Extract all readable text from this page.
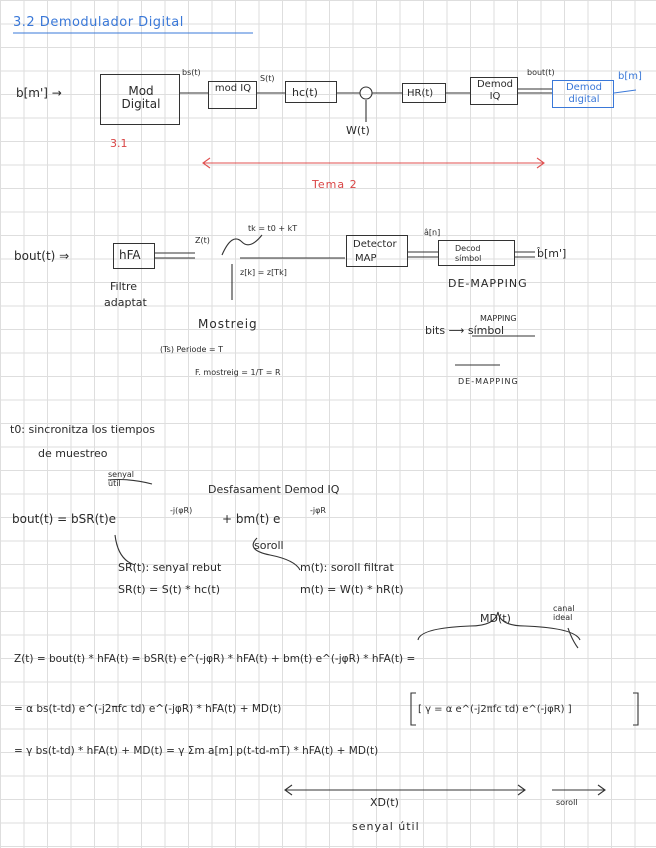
3.2 Demodulador Digital
b[m'] →	Mod Digital
bs(t)
mod IQ
S(t)
hc(t)
W(t)
HR(t)
Demod IQ
bout(t)
Demod digital
b[m]
3.1
Tema 2
bout(t) ⇒	hFA
Filtre
adaptat
Z(t)
tk = t0 + kT
z[k] = z[Tk]
Detector
MAP
â[n]
Decod
símbol	b̂[m']
DE-MAPPING
Mostreig
(Ts) Periode = T
F. mostreig = 1/T = R
MAPPING
bits ⟶ símbol
DE-MAPPING
t0: sincronitza los tiempos
de muestreo
senyal útil	Desfasament Demod IQ
bout(t) = bSR(t)e
-j(φR)
+ bm(t) e
-jφR
soroll
SR(t): senyal rebut
SR(t) = S(t) * hc(t)
m(t): soroll filtrat
m(t) = W(t) * hR(t)
MD(t)
canal ideal
Z(t) = bout(t) * hFA(t) = bSR(t) e^(-jφR) * hFA(t) + bm(t) e^(-jφR) * hFA(t) =
= α bs(t-td) e^(-j2πfc td) e^(-jφR) * hFA(t) + MD(t)	[ γ = α e^(-j2πfc td) e^(-jφR) ]
= γ bs(t-td) * hFA(t) + MD(t) = γ Σm a[m] p(t-td-mT) * hFA(t) + MD(t)
XD(t)
senyal útil
soroll
